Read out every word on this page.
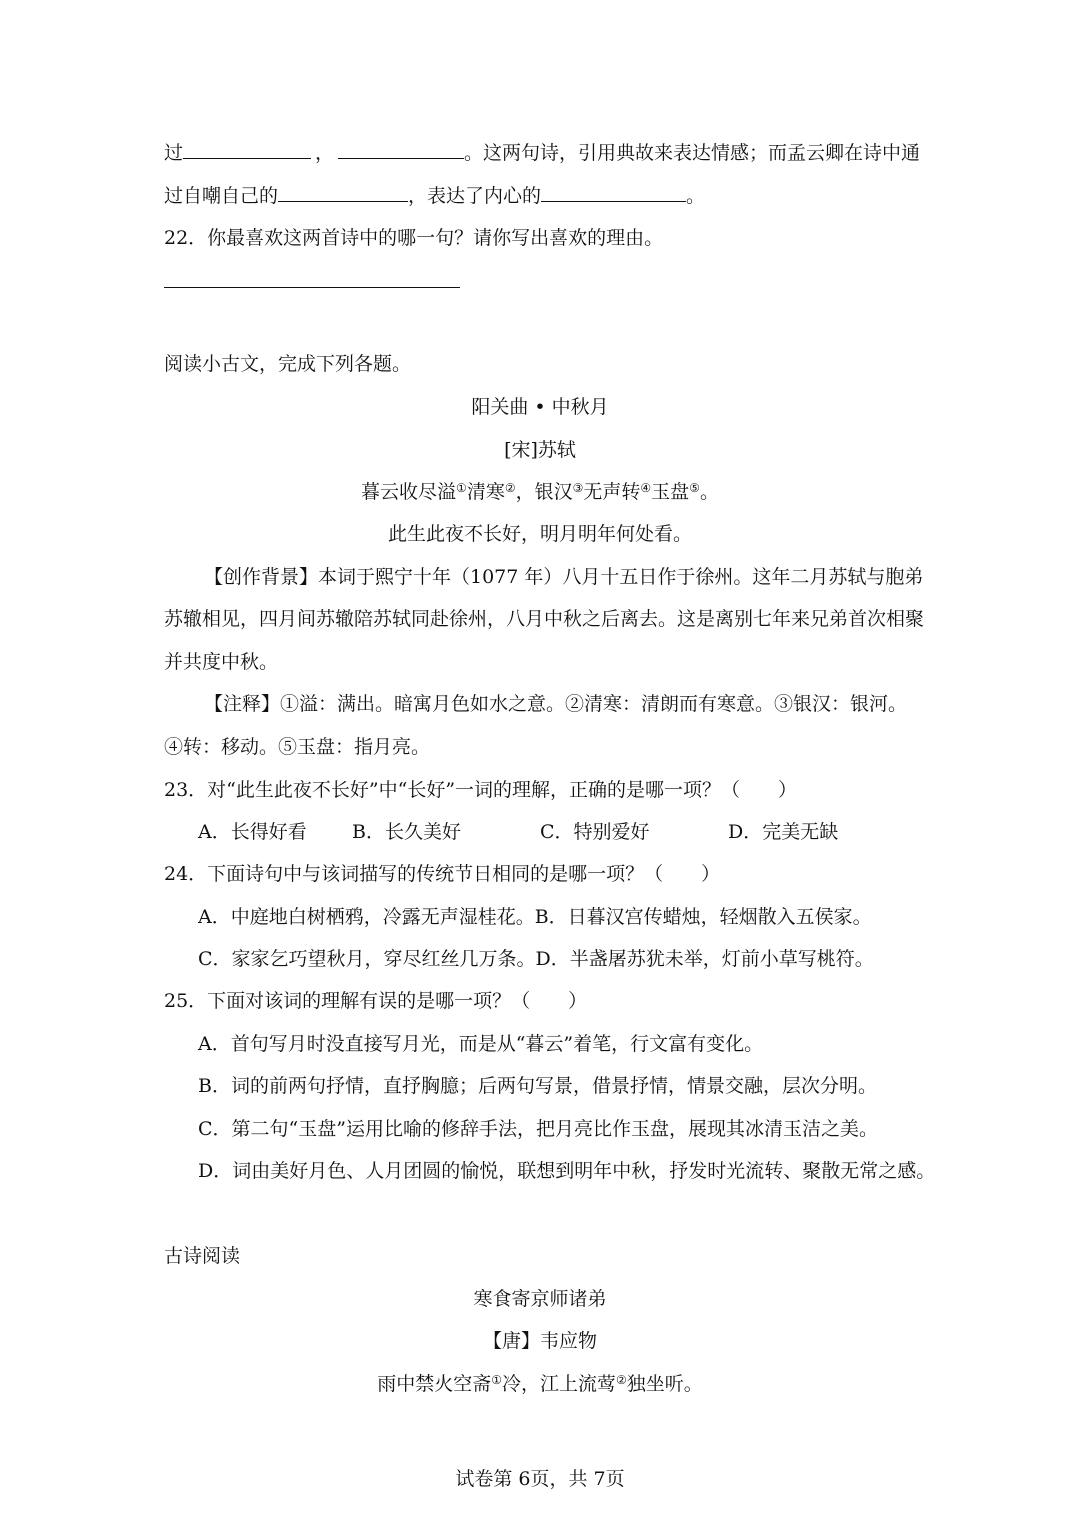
过	，	。这两句诗，引用典故来表达情感；而孟云卿在诗中通
过自嘲自己的	，表达了内心的	。
22．你最喜欢这两首诗中的哪一句？请你写出喜欢的理由。
阅读小古文，完成下列各题。
阳关曲 • 中秋月
[宋]苏轼
暮云收尽溢①清寒②，银汉③无声转④玉盘⑤。
此生此夜不长好，明月明年何处看。
【创作背景】本词于熙宁十年（1077 年）八月十五日作于徐州。这年二月苏轼与胞弟
苏辙相见，四月间苏辙陪苏轼同赴徐州，八月中秋之后离去。这是离别七年来兄弟首次相聚
并共度中秋。
【注释】①溢：满出。暗寓月色如水之意。②清寒：清朗而有寒意。③银汉：银河。
④转：移动。⑤玉盘：指月亮。
23．对“此生此夜不长好”中“长好”一词的理解，正确的是哪一项？（　　）
A．长得好看 B．长久美好	C．特别爱好	D．完美无缺
24．下面诗句中与该词描写的传统节日相同的是哪一项？（　　）
A．中庭地白树栖鸦，冷露无声湿桂花。B．日暮汉宫传蜡烛，轻烟散入五侯家。
C．家家乞巧望秋月，穿尽红丝几万条。D．半盏屠苏犹未举，灯前小草写桃符。
25．下面对该词的理解有误的是哪一项？（　　）
A．首句写月时没直接写月光，而是从“暮云”着笔，行文富有变化。
B．词的前两句抒情，直抒胸臆；后两句写景，借景抒情，情景交融，层次分明。
C．第二句“玉盘”运用比喻的修辞手法，把月亮比作玉盘，展现其冰清玉洁之美。
D．词由美好月色、人月团圆的愉悦，联想到明年中秋，抒发时光流转、聚散无常之感。
古诗阅读
寒食寄京师诸弟
【唐】韦应物
雨中禁火空斋①冷，江上流莺②独坐听。
试卷第 6页，共 7页
